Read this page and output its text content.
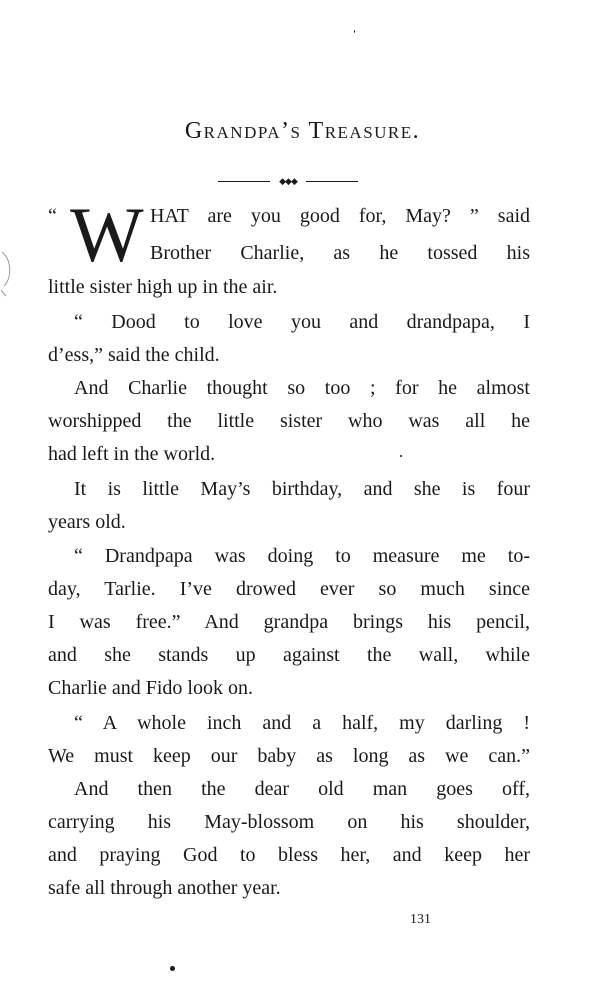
Grandpa’s Treasure.
◆◆◆
“ W HAT are you good for, May? ” said
Brother Charlie, as he tossed his
little sister high up in the air.
“ Dood to love you and drandpapa, I
d’ess,” said the child.
And Charlie thought so too ; for he almost
worshipped the little sister who was all he
had left in the world.
It is little May’s birthday, and she is four
years old.
“ Drandpapa was doing to measure me to-
day, Tarlie. I’ve drowed ever so much since
I was free.” And grandpa brings his pencil,
and she stands up against the wall, while
Charlie and Fido look on.
“ A whole inch and a half, my darling !
We must keep our baby as long as we can.”
And then the dear old man goes off,
carrying his May-blossom on his shoulder,
and praying God to bless her, and keep her
safe all through another year.
131
